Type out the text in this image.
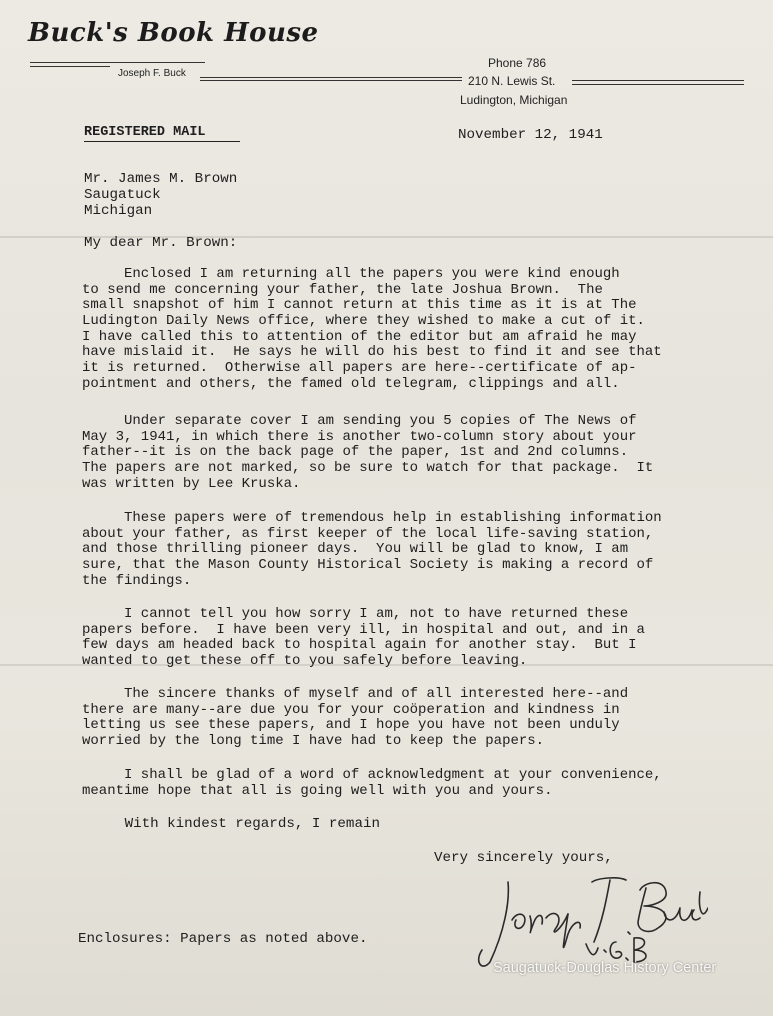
Buck's Book House
Joseph F. Buck
Phone 786
210 N. Lewis St.
Ludington, Michigan
REGISTERED MAIL	November 12, 1941
Mr. James M. Brown
Saugatuck
Michigan
My dear Mr. Brown:
Enclosed I am returning all the papers you were kind enough
to send me concerning your father, the late Joshua Brown.  The
small snapshot of him I cannot return at this time as it is at The
Ludington Daily News office, where they wished to make a cut of it.
I have called this to attention of the editor but am afraid he may
have mislaid it.  He says he will do his best to find it and see that
it is returned.  Otherwise all papers are here--certificate of ap-
pointment and others, the famed old telegram, clippings and all.
Under separate cover I am sending you 5 copies of The News of
May 3, 1941, in which there is another two-column story about your
father--it is on the back page of the paper, 1st and 2nd columns.
The papers are not marked, so be sure to watch for that package.  It
was written by Lee Kruska.
These papers were of tremendous help in establishing information
about your father, as first keeper of the local life-saving station,
and those thrilling pioneer days.  You will be glad to know, I am
sure, that the Mason County Historical Society is making a record of
the findings.
I cannot tell you how sorry I am, not to have returned these
papers before.  I have been very ill, in hospital and out, and in a
few days am headed back to hospital again for another stay.  But I
wanted to get these off to you safely before leaving.
The sincere thanks of myself and of all interested here--and
there are many--are due you for your coöperation and kindness in
letting us see these papers, and I hope you have not been unduly
worried by the long time I have had to keep the papers.
I shall be glad of a word of acknowledgment at your convenience,
meantime hope that all is going well with you and yours.
With kindest regards, I remain
Very sincerely yours,
Enclosures: Papers as noted above.
Saugatuck-Douglas History Center
